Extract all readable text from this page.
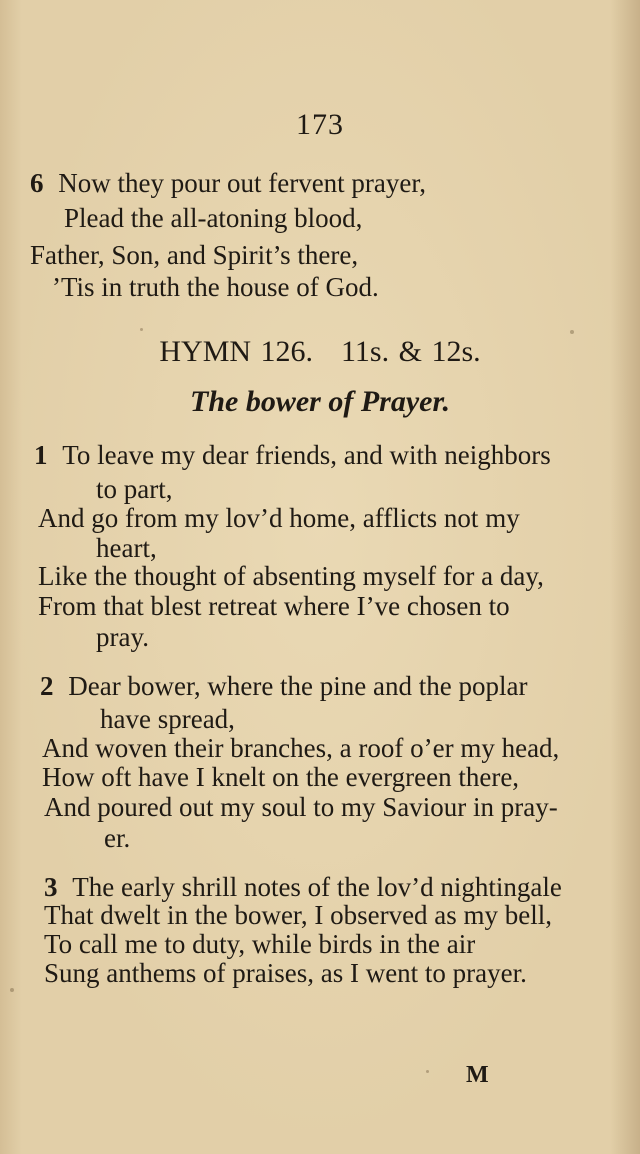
173
6 Now they pour out fervent prayer,
Plead the all-atoning blood,
Father, Son, and Spirit’s there,
’Tis in truth the house of God.
HYMN 126. 11s. & 12s.
The bower of Prayer.
1 To leave my dear friends, and with neighbors
to part,
And go from my lov’d home, afflicts not my
heart,
Like the thought of absenting myself for a day,
From that blest retreat where I’ve chosen to
pray.
2 Dear bower, where the pine and the poplar
have spread,
And woven their branches, a roof o’er my head,
How oft have I knelt on the evergreen there,
And poured out my soul to my Saviour in pray-
er.
3 The early shrill notes of the lov’d nightingale
That dwelt in the bower, I observed as my bell,
To call me to duty, while birds in the air
Sung anthems of praises, as I went to prayer.
M
